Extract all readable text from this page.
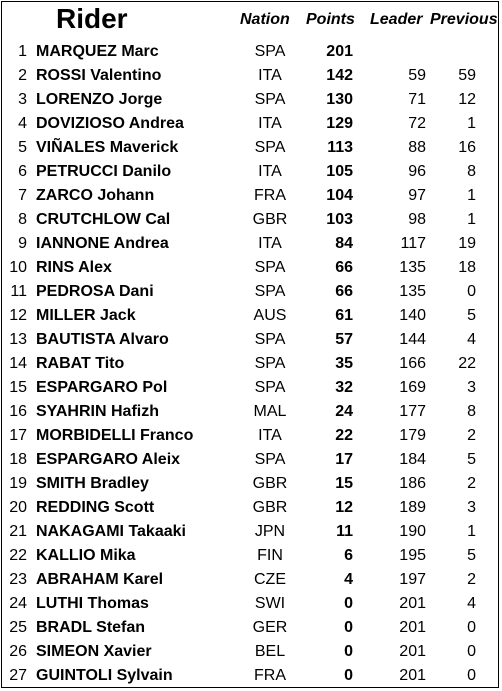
Rider	Nation Points Leader Previous
1 MARQUEZ Marc	SPA	201
2 ROSSI Valentino	ITA	142	59	59
3 LORENZO Jorge	SPA	130	71	12
4 DOVIZIOSO Andrea	ITA	129	72	1
5 VIÑALES Maverick	SPA	113	88	16
6 PETRUCCI Danilo	ITA	105	96	8
7 ZARCO Johann	FRA	104	97	1
8 CRUTCHLOW Cal	GBR	103	98	1
9 IANNONE Andrea	ITA	84	117	19
10 RINS Alex	SPA	66	135	18
11 PEDROSA Dani	SPA	66	135	0
12 MILLER Jack	AUS	61	140	5
13 BAUTISTA Alvaro	SPA	57	144	4
14 RABAT Tito	SPA	35	166	22
15 ESPARGARO Pol	SPA	32	169	3
16 SYAHRIN Hafizh	MAL	24	177	8
17 MORBIDELLI Franco	ITA	22	179	2
18 ESPARGARO Aleix	SPA	17	184	5
19 SMITH Bradley	GBR	15	186	2
20 REDDING Scott	GBR	12	189	3
21 NAKAGAMI Takaaki	JPN	11	190	1
22 KALLIO Mika	FIN	6	195	5
23 ABRAHAM Karel	CZE	4	197	2
24 LUTHI Thomas	SWI	0	201	4
25 BRADL Stefan	GER	0	201	0
26 SIMEON Xavier	BEL	0	201	0
27 GUINTOLI Sylvain	FRA	0	201	0
